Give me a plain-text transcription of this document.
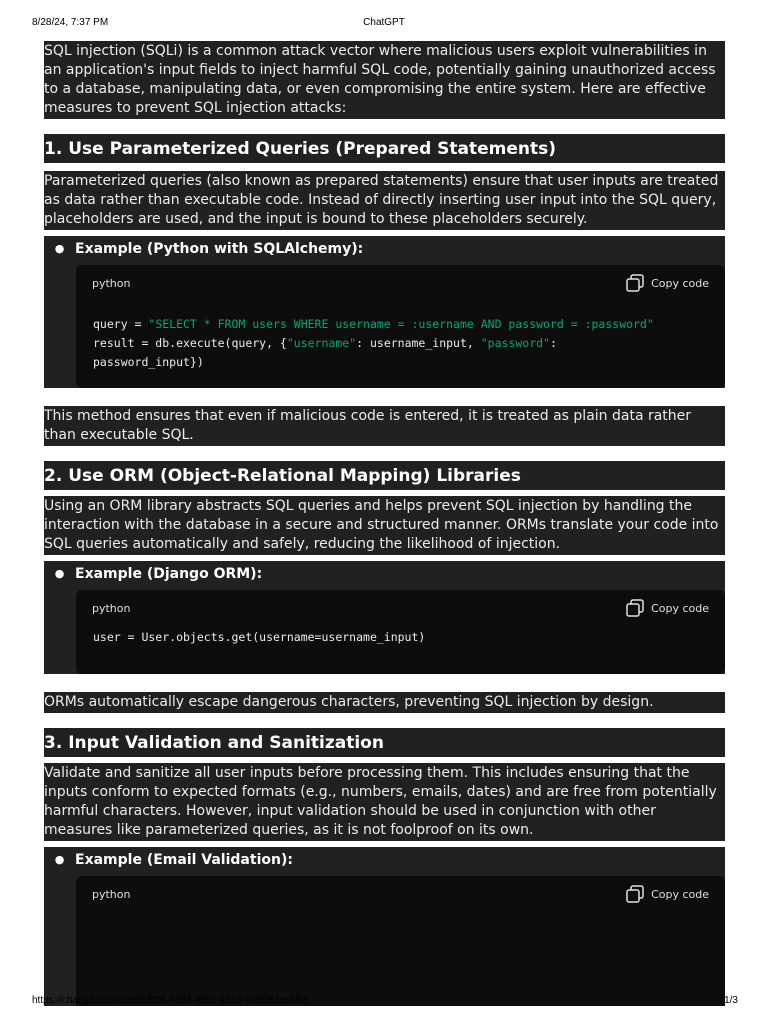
8/28/24, 7:37 PM	ChatGPT

SQL injection (SQLi) is a common attack vector where malicious users exploit vulnerabilities in an application's input fields to inject harmful SQL code, potentially gaining unauthorized access to a database, manipulating data, or even compromising the entire system. Here are effective measures to prevent SQL injection attacks:

1. Use Parameterized Queries (Prepared Statements)

Parameterized queries (also known as prepared statements) ensure that user inputs are treated as data rather than executable code. Instead of directly inserting user input into the SQL query, placeholders are used, and the input is bound to these placeholders securely.

● Example (Python with SQLAlchemy):
python	Copy code
query = "SELECT * FROM users WHERE username = :username AND password = :password"
result = db.execute(query, {"username": username_input, "password":
password_input})

This method ensures that even if malicious code is entered, it is treated as plain data rather than executable SQL.

2. Use ORM (Object-Relational Mapping) Libraries

Using an ORM library abstracts SQL queries and helps prevent SQL injection by handling the interaction with the database in a secure and structured manner. ORMs translate your code into SQL queries automatically and safely, reducing the likelihood of injection.

● Example (Django ORM):
python	Copy code
user = User.objects.get(username=username_input)

ORMs automatically escape dangerous characters, preventing SQL injection by design.

3. Input Validation and Sanitization

Validate and sanitize all user inputs before processing them. This includes ensuring that the inputs conform to expected formats (e.g., numbers, emails, dates) and are free from potentially harmful characters. However, input validation should be used in conjunction with other measures like parameterized queries, as it is not foolproof on its own.

● Example (Email Validation):
python	Copy code
https://chatgpt.com/c/eaf18f36-7eb4-499c-a816-0a9982aafdb1	1/3
